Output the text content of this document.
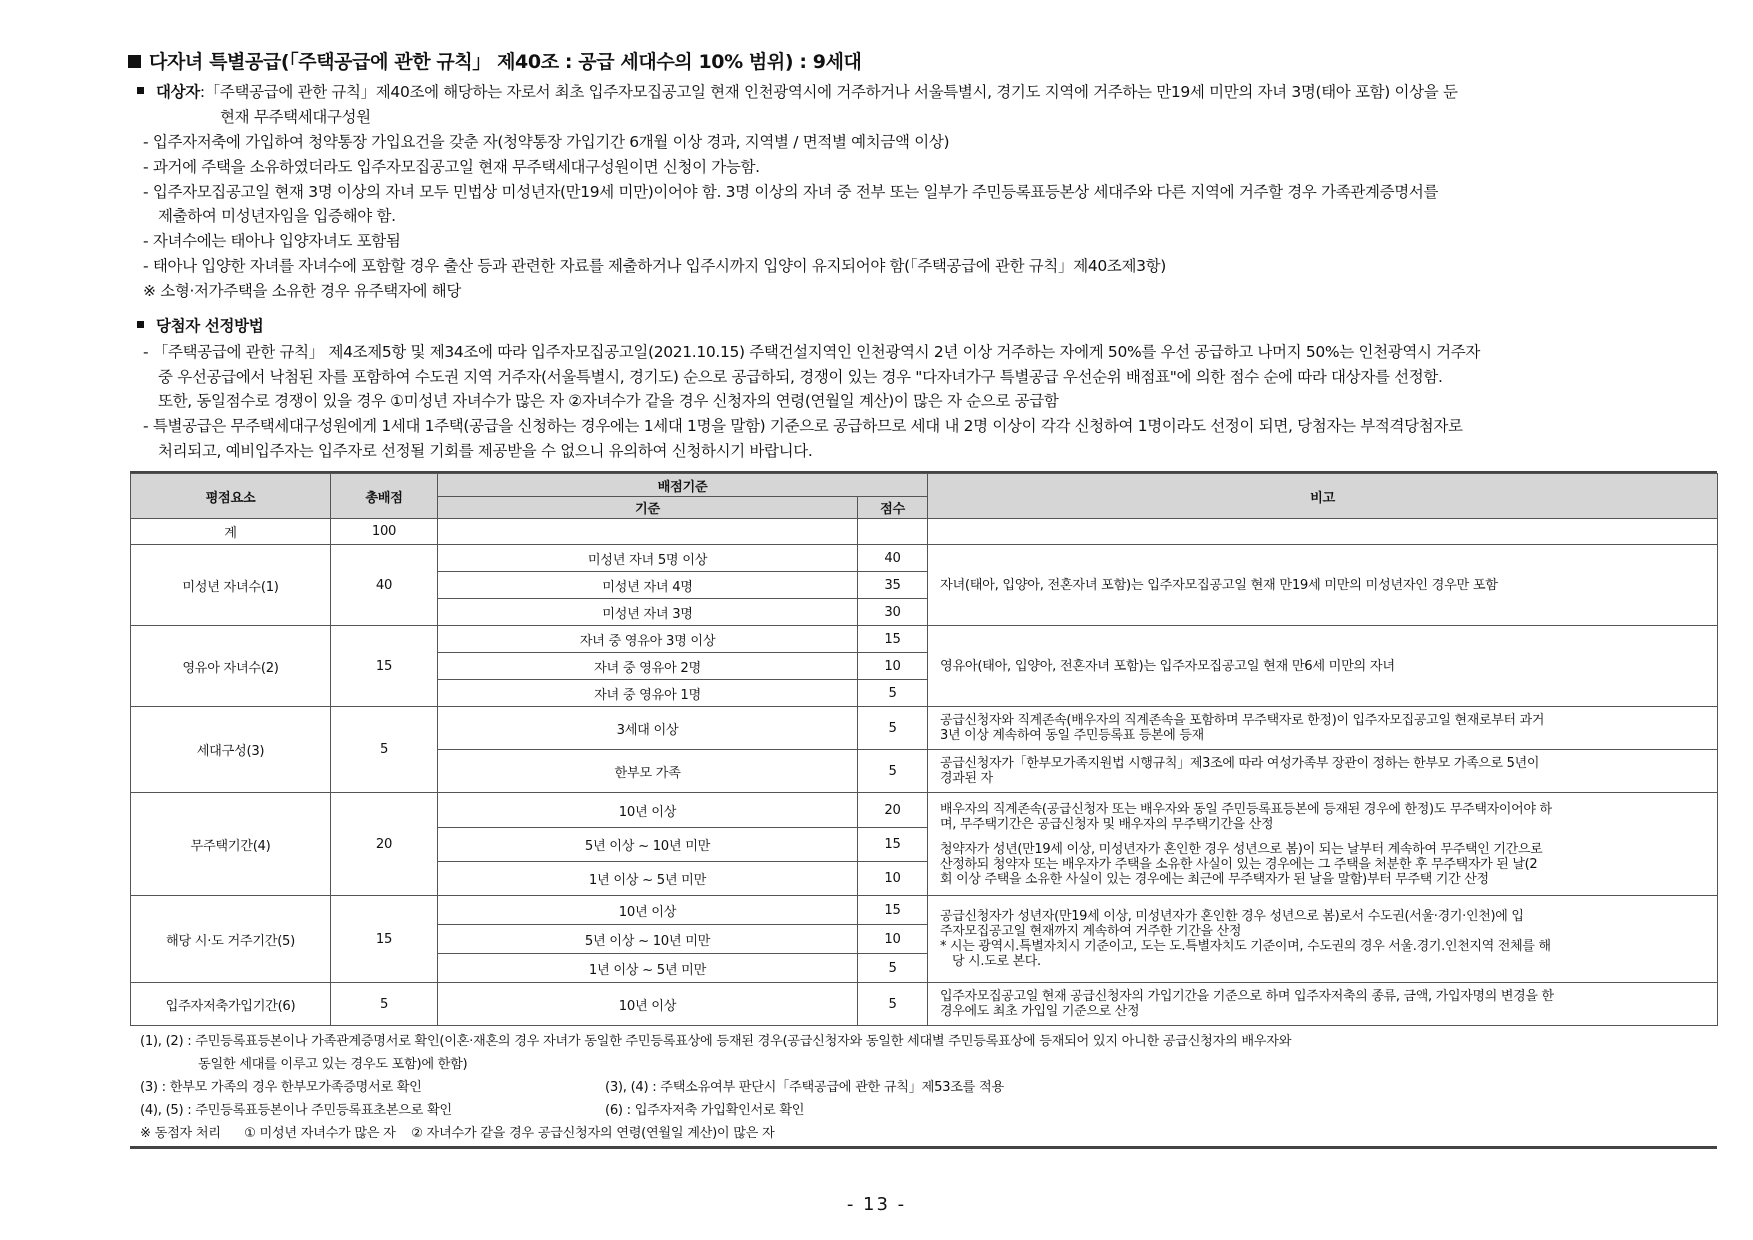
다자녀 특별공급(「주택공급에 관한 규칙」 제40조 : 공급 세대수의 10% 범위) : 9세대
대상자:「주택공급에 관한 규칙」제40조에 해당하는 자로서 최초 입주자모집공고일 현재 인천광역시에 거주하거나 서울특별시, 경기도 지역에 거주하는 만19세 미만의 자녀 3명(태아 포함) 이상을 둔
현재 무주택세대구성원
- 입주자저축에 가입하여 청약통장 가입요건을 갖춘 자(청약통장 가입기간 6개월 이상 경과, 지역별 / 면적별 예치금액 이상)
- 과거에 주택을 소유하였더라도 입주자모집공고일 현재 무주택세대구성원이면 신청이 가능함.
- 입주자모집공고일 현재 3명 이상의 자녀 모두 민법상 미성년자(만19세 미만)이어야 함. 3명 이상의 자녀 중 전부 또는 일부가 주민등록표등본상 세대주와 다른 지역에 거주할 경우 가족관계증명서를
제출하여 미성년자임을 입증해야 함.
- 자녀수에는 태아나 입양자녀도 포함됨
- 태아나 입양한 자녀를 자녀수에 포함할 경우 출산 등과 관련한 자료를 제출하거나 입주시까지 입양이 유지되어야 함(「주택공급에 관한 규칙」제40조제3항)
※ 소형·저가주택을 소유한 경우 유주택자에 해당
당첨자 선정방법
- 「주택공급에 관한 규칙」 제4조제5항 및 제34조에 따라 입주자모집공고일(2021.10.15) 주택건설지역인 인천광역시 2년 이상 거주하는 자에게 50%를 우선 공급하고 나머지 50%는 인천광역시 거주자
중 우선공급에서 낙첨된 자를 포함하여 수도권 지역 거주자(서울특별시, 경기도) 순으로 공급하되, 경쟁이 있는 경우 "다자녀가구 특별공급 우선순위 배점표"에 의한 점수 순에 따라 대상자를 선정함.
또한, 동일점수로 경쟁이 있을 경우 ①미성년 자녀수가 많은 자 ②자녀수가 같을 경우 신청자의 연령(연월일 계산)이 많은 자 순으로 공급함
- 특별공급은 무주택세대구성원에게 1세대 1주택(공급을 신청하는 경우에는 1세대 1명을 말함) 기준으로 공급하므로 세대 내 2명 이상이 각각 신청하여 1명이라도 선정이 되면, 당첨자는 부적격당첨자로
처리되고, 예비입주자는 입주자로 선정될 기회를 제공받을 수 없으니 유의하여 신청하시기 바랍니다.
평점요소	총배점	배점기준		비고
		기준	점수	
계	100			
미성년 자녀수(1)	40	미성년 자녀 5명 이상	40	자녀(태아, 입양아, 전혼자녀 포함)는 입주자모집공고일 현재 만19세 미만의 미성년자인 경우만 포함
		미성년 자녀 4명	35	
		미성년 자녀 3명	30	
영유아 자녀수(2)	15	자녀 중 영유아 3명 이상	15	영유아(태아, 입양아, 전혼자녀 포함)는 입주자모집공고일 현재 만6세 미만의 자녀
		자녀 중 영유아 2명	10	
		자녀 중 영유아 1명	5	
세대구성(3)	5	3세대 이상	5	공급신청자와 직계존속(배우자의 직계존속을 포함하며 무주택자로 한정)이 입주자모집공고일 현재로부터 과거
3년 이상 계속하여 동일 주민등록표 등본에 등재

		한부모 가족	5	공급신청자가「한부모가족지원법 시행규칙」제3조에 따라 여성가족부 장관이 정하는 한부모 가족으로 5년이
경과된 자

무주택기간(4)	20	10년 이상	20	배우자의 직계존속(공급신청자 또는 배우자와 동일 주민등록표등본에 등재된 경우에 한정)도 무주택자이어야 하
며, 무주택기간은 공급신청자 및 배우자의 무주택기간을 산정
청약자가 성년(만19세 이상, 미성년자가 혼인한 경우 성년으로 봄)이 되는 날부터 계속하여 무주택인 기간으로
산정하되 청약자 또는 배우자가 주택을 소유한 사실이 있는 경우에는 그 주택을 처분한 후 무주택자가 된 날(2
회 이상 주택을 소유한 사실이 있는 경우에는 최근에 무주택자가 된 날을 말함)부터 무주택 기간 산정

		5년 이상 ~ 10년 미만	15	
		1년 이상 ~ 5년 미만	10	
해당 시·도 거주기간(5)	15	10년 이상	15	공급신청자가 성년자(만19세 이상, 미성년자가 혼인한 경우 성년으로 봄)로서 수도권(서울·경기·인천)에 입
주자모집공고일 현재까지 계속하여 거주한 기간을 산정
* 시는 광역시.특별자치시 기준이고, 도는 도.특별자치도 기준이며, 수도권의 경우 서울.경기.인천지역 전체를 해
당 시.도로 본다.

		5년 이상 ~ 10년 미만	10	
		1년 이상 ~ 5년 미만	5	
입주자저축가입기간(6)	5	10년 이상	5	입주자모집공고일 현재 공급신청자의 가입기간을 기준으로 하며 입주자저축의 종류, 금액, 가입자명의 변경을 한
경우에도 최초 가입일 기준으로 산정
(1), (2) : 주민등록표등본이나 가족관계증명서로 확인(이혼·재혼의 경우 자녀가 동일한 주민등록표상에 등재된 경우(공급신청자와 동일한 세대별 주민등록표상에 등재되어 있지 아니한 공급신청자의 배우자와
동일한 세대를 이루고 있는 경우도 포함)에 한함)
(3) : 한부모 가족의 경우 한부모가족증명서로 확인	(3), (4) : 주택소유여부 판단시「주택공급에 관한 규칙」제53조를 적용
(4), (5) : 주민등록표등본이나 주민등록표초본으로 확인	(6) : 입주자저축 가입확인서로 확인
※ 동점자 처리      ① 미성년 자녀수가 많은 자    ② 자녀수가 같을 경우 공급신청자의 연령(연월일 계산)이 많은 자
- 13 -
